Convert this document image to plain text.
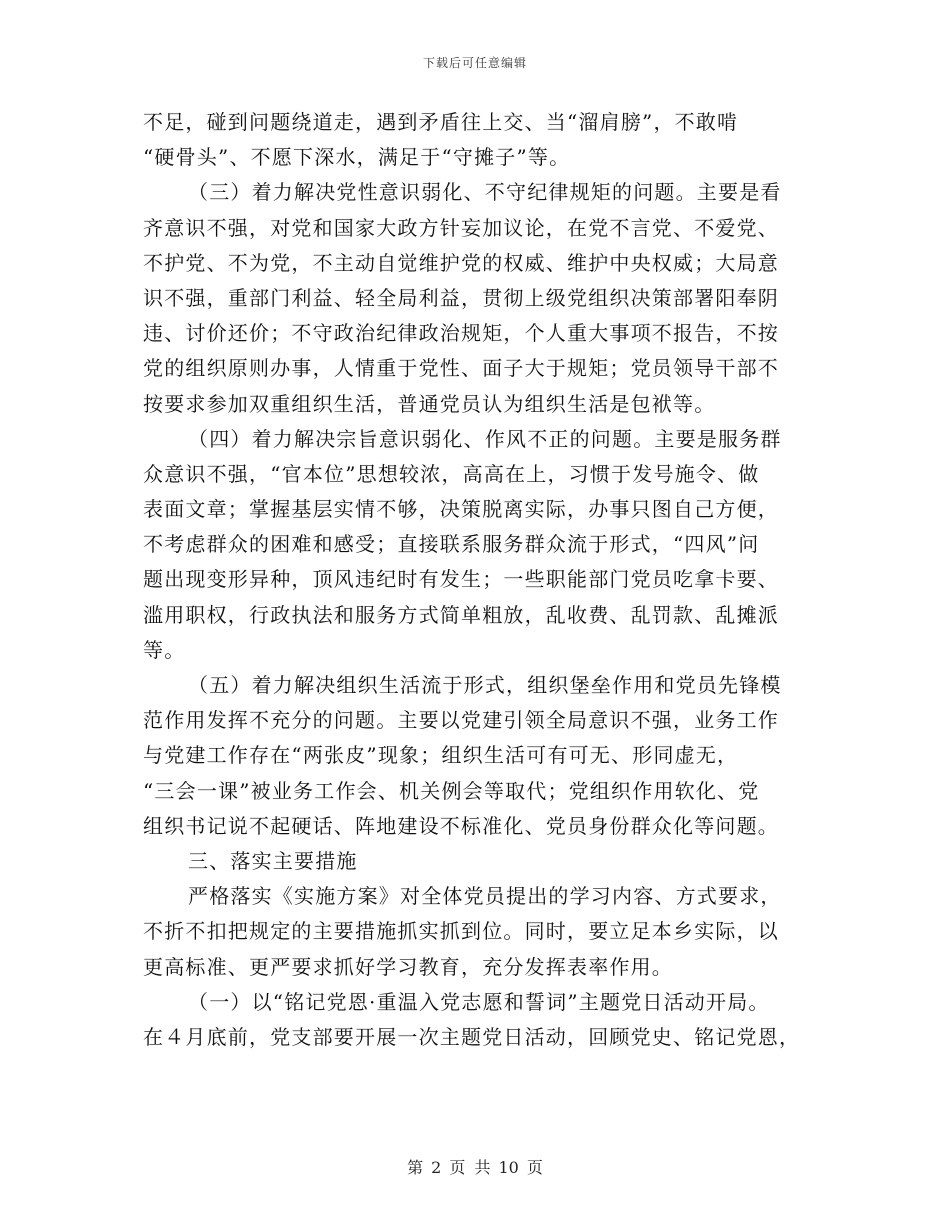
下载后可任意编辑
不足，碰到问题绕道走，遇到矛盾往上交、当“溜肩膀”，不敢啃
“硬骨头”、不愿下深水，满足于“守摊子”等。
（三）着力解决党性意识弱化、不守纪律规矩的问题。主要是看
齐意识不强，对党和国家大政方针妄加议论，在党不言党、不爱党、
不护党、不为党，不主动自觉维护党的权威、维护中央权威；大局意
识不强，重部门利益、轻全局利益，贯彻上级党组织决策部署阳奉阴
违、讨价还价；不守政治纪律政治规矩，个人重大事项不报告，不按
党的组织原则办事，人情重于党性、面子大于规矩；党员领导干部不
按要求参加双重组织生活，普通党员认为组织生活是包袱等。
（四）着力解决宗旨意识弱化、作风不正的问题。主要是服务群
众意识不强，“官本位”思想较浓，高高在上，习惯于发号施令、做
表面文章；掌握基层实情不够，决策脱离实际，办事只图自己方便，
不考虑群众的困难和感受；直接联系服务群众流于形式，“四风”问
题出现变形异种，顶风违纪时有发生；一些职能部门党员吃拿卡要、
滥用职权，行政执法和服务方式简单粗放，乱收费、乱罚款、乱摊派
等。
（五）着力解决组织生活流于形式，组织堡垒作用和党员先锋模
范作用发挥不充分的问题。主要以党建引领全局意识不强，业务工作
与党建工作存在“两张皮”现象；组织生活可有可无、形同虚无，
“三会一课”被业务工作会、机关例会等取代；党组织作用软化、党
组织书记说不起硬话、阵地建设不标准化、党员身份群众化等问题。
三、落实主要措施
严格落实《实施方案》对全体党员提出的学习内容、方式要求，
不折不扣把规定的主要措施抓实抓到位。同时，要立足本乡实际，以
更高标准、更严要求抓好学习教育，充分发挥表率作用。
（一）以“铭记党恩·重温入党志愿和誓词”主题党日活动开局。
在４月底前，党支部要开展一次主题党日活动，回顾党史、铭记党恩，
第 2 页 共 10 页
